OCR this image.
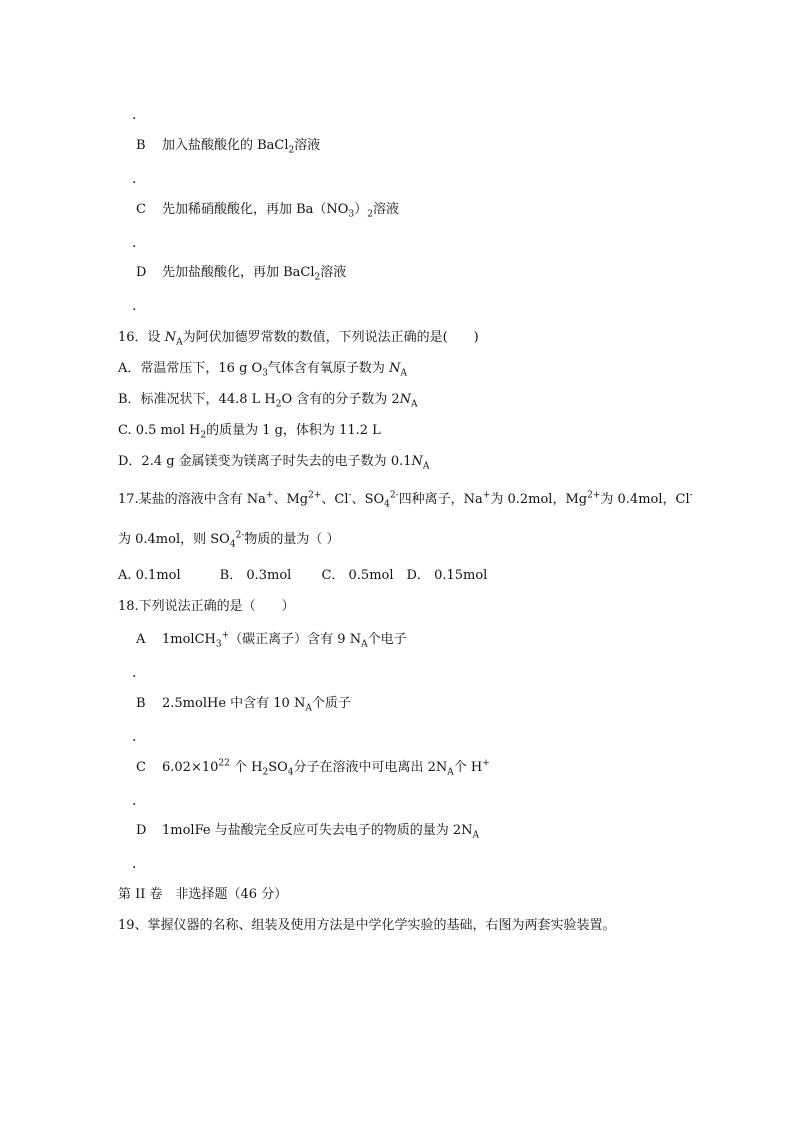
.
B 加入盐酸酸化的 BaCl$_2$溶液
.
C 先加稀硝酸酸化，再加 $Ba(NO_3)_2$溶液
.
D 先加盐酸酸化，再加 BaCl$_2$溶液
.
16．设 $N_A$为阿伏加德罗常数的数值，下列说法正确的是(　　)
A．常温常压下，16 g $O_3$气体含有氧原子数为 $N_A$
B．标准况状下，44.8 L $H_2O$ 含有的分子数为 $2N_A$
C. 0.5 mol $H_2$的质量为 1 g，体积为 11.2 L
D．2.4 g 金属镁变为镁离子时失去的电子数为 $0.1N_A$
17.某盐的溶液中含有 Na+、$Mg^{2+}$、Cl-、$SO_4^{2-}$四种离子，Na+为 0.2mol，$Mg^{2+}$为 0.4mol，Cl-
为 0.4mol，则 $SO_4^{2-}$物质的量为（ ）
A. 0.1mol　　　B． 0.3mol　　 C． 0.5mol　D． 0.15mol
18.下列说法正确的是（　　）
A 1molCH$_3$+（碳正离子）含有 9 $N_A$个电子
.
B 2.5molHe 中含有 10 $N_A$个质子
.
C $6.02\times 10^{22}$ 个 $H_2SO_4$分子在溶液中可电离出 $2N_A$个 H+
.
D 1molFe 与盐酸完全反应可失去电子的物质的量为 $2N_A$
.
第 II 卷　非选择题（46 分）
19、掌握仪器的名称、组装及使用方法是中学化学实验的基础，右图为两套实验装置。
